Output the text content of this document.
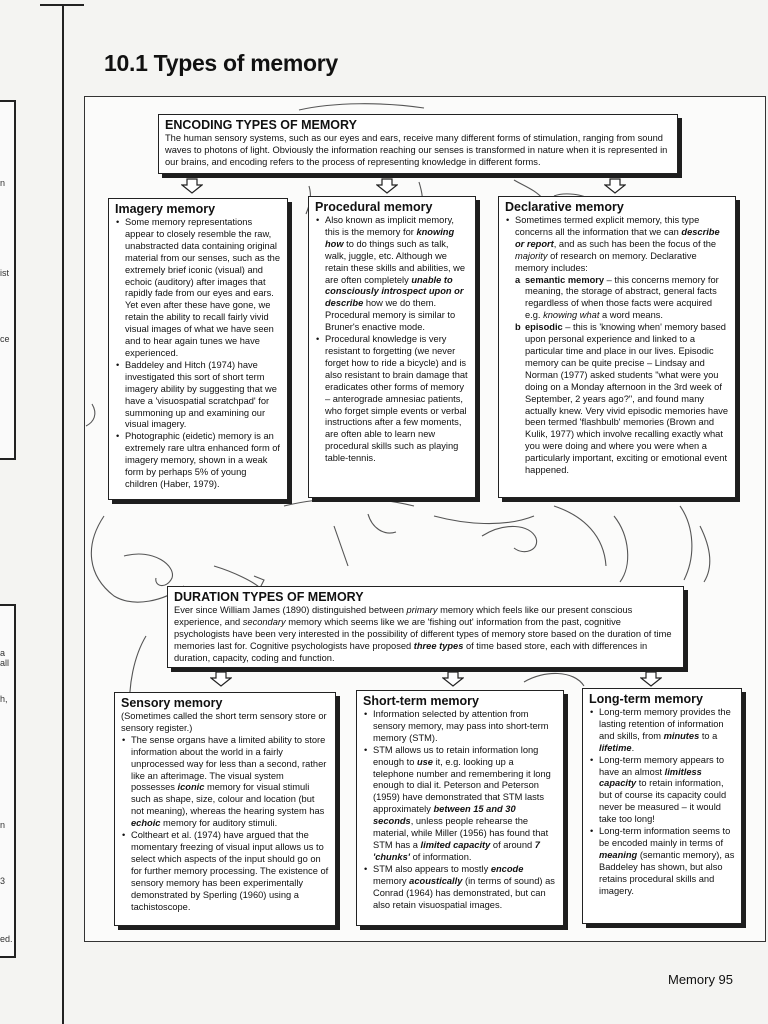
n
ist
ce
a
all
h,
n
3
ed.
10.1 Types of memory
ENCODING TYPES OF MEMORY

The human sensory systems, such as our eyes and ears, receive many different forms of stimulation, ranging from sound waves to photons of light. Obviously the information reaching our senses is transformed in nature when it is represented in our brains, and encoding refers to the process of representing knowledge in different forms.

Imagery memory
• Some memory representations appear to closely resemble the raw, unabstracted data containing original material from our senses, such as the extremely brief iconic (visual) and echoic (auditory) after images that rapidly fade from our eyes and ears. Yet even after these have gone, we retain the ability to recall fairly vivid visual images of what we have seen and to hear again tunes we have experienced.
• Baddeley and Hitch (1974) have investigated this sort of short term imagery ability by suggesting that we have a 'visuospatial scratchpad' for summoning up and examining our visual imagery.
• Photographic (eidetic) memory is an extremely rare ultra enhanced form of imagery memory, shown in a weak form by perhaps 5% of young children (Haber, 1979).
Procedural memory
• Also known as implicit memory, this is the memory for knowing how to do things such as talk, walk, juggle, etc. Although we retain these skills and abilities, we are often completely unable to consciously introspect upon or describe how we do them. Procedural memory is similar to Bruner's enactive mode.
• Procedural knowledge is very resistant to forgetting (we never forget how to ride a bicycle) and is also resistant to brain damage that eradicates other forms of memory – anterograde amnesiac patients, who forget simple events or verbal instructions after a few moments, are often able to learn new procedural skills such as playing table-tennis.
Declarative memory
• Sometimes termed explicit memory, this type concerns all the information that we can describe or report, and as such has been the focus of the majority of research on memory. Declarative memory includes:

a semantic memory – this concerns memory for meaning, the storage of abstract, general facts regardless of when those facts were acquired e.g. knowing what a word means.

b episodic – this is 'knowing when' memory based upon personal experience and linked to a particular time and place in our lives. Episodic memory can be quite precise – Lindsay and Norman (1977) asked students "what were you doing on a Monday afternoon in the 3rd week of September, 2 years ago?", and found many actually knew. Very vivid episodic memories have been termed 'flashbulb' memories (Brown and Kulik, 1977) which involve recalling exactly what you were doing and where you were when a particularly important, exciting or emotional event happened.

DURATION TYPES OF MEMORY

Ever since William James (1890) distinguished between primary memory which feels like our present conscious experience, and secondary memory which seems like we are 'fishing out' information from the past, cognitive psychologists have been very interested in the possibility of different types of memory store based on the duration of time memories last for. Cognitive psychologists have proposed three types of time based store, each with differences in duration, capacity, coding and function.

Sensory memory

(Sometimes called the short term sensory store or sensory register.)

• The sense organs have a limited ability to store information about the world in a fairly unprocessed way for less than a second, rather like an afterimage. The visual system possesses iconic memory for visual stimuli such as shape, size, colour and location (but not meaning), whereas the hearing system has echoic memory for auditory stimuli.
• Coltheart et al. (1974) have argued that the momentary freezing of visual input allows us to select which aspects of the input should go on for further memory processing. The existence of sensory memory has been experimentally demonstrated by Sperling (1960) using a tachistoscope.
Short-term memory
• Information selected by attention from sensory memory, may pass into short-term memory (STM).
• STM allows us to retain information long enough to use it, e.g. looking up a telephone number and remembering it long enough to dial it. Peterson and Peterson (1959) have demonstrated that STM lasts approximately between 15 and 30 seconds, unless people rehearse the material, while Miller (1956) has found that STM has a limited capacity of around 7 'chunks' of information.
• STM also appears to mostly encode memory acoustically (in terms of sound) as Conrad (1964) has demonstrated, but can also retain visuospatial images.
Long-term memory
• Long-term memory provides the lasting retention of information and skills, from minutes to a lifetime.
• Long-term memory appears to have an almost limitless capacity to retain information, but of course its capacity could never be measured – it would take too long!
• Long-term information seems to be encoded mainly in terms of meaning (semantic memory), as Baddeley has shown, but also retains procedural skills and imagery.
Memory 95
